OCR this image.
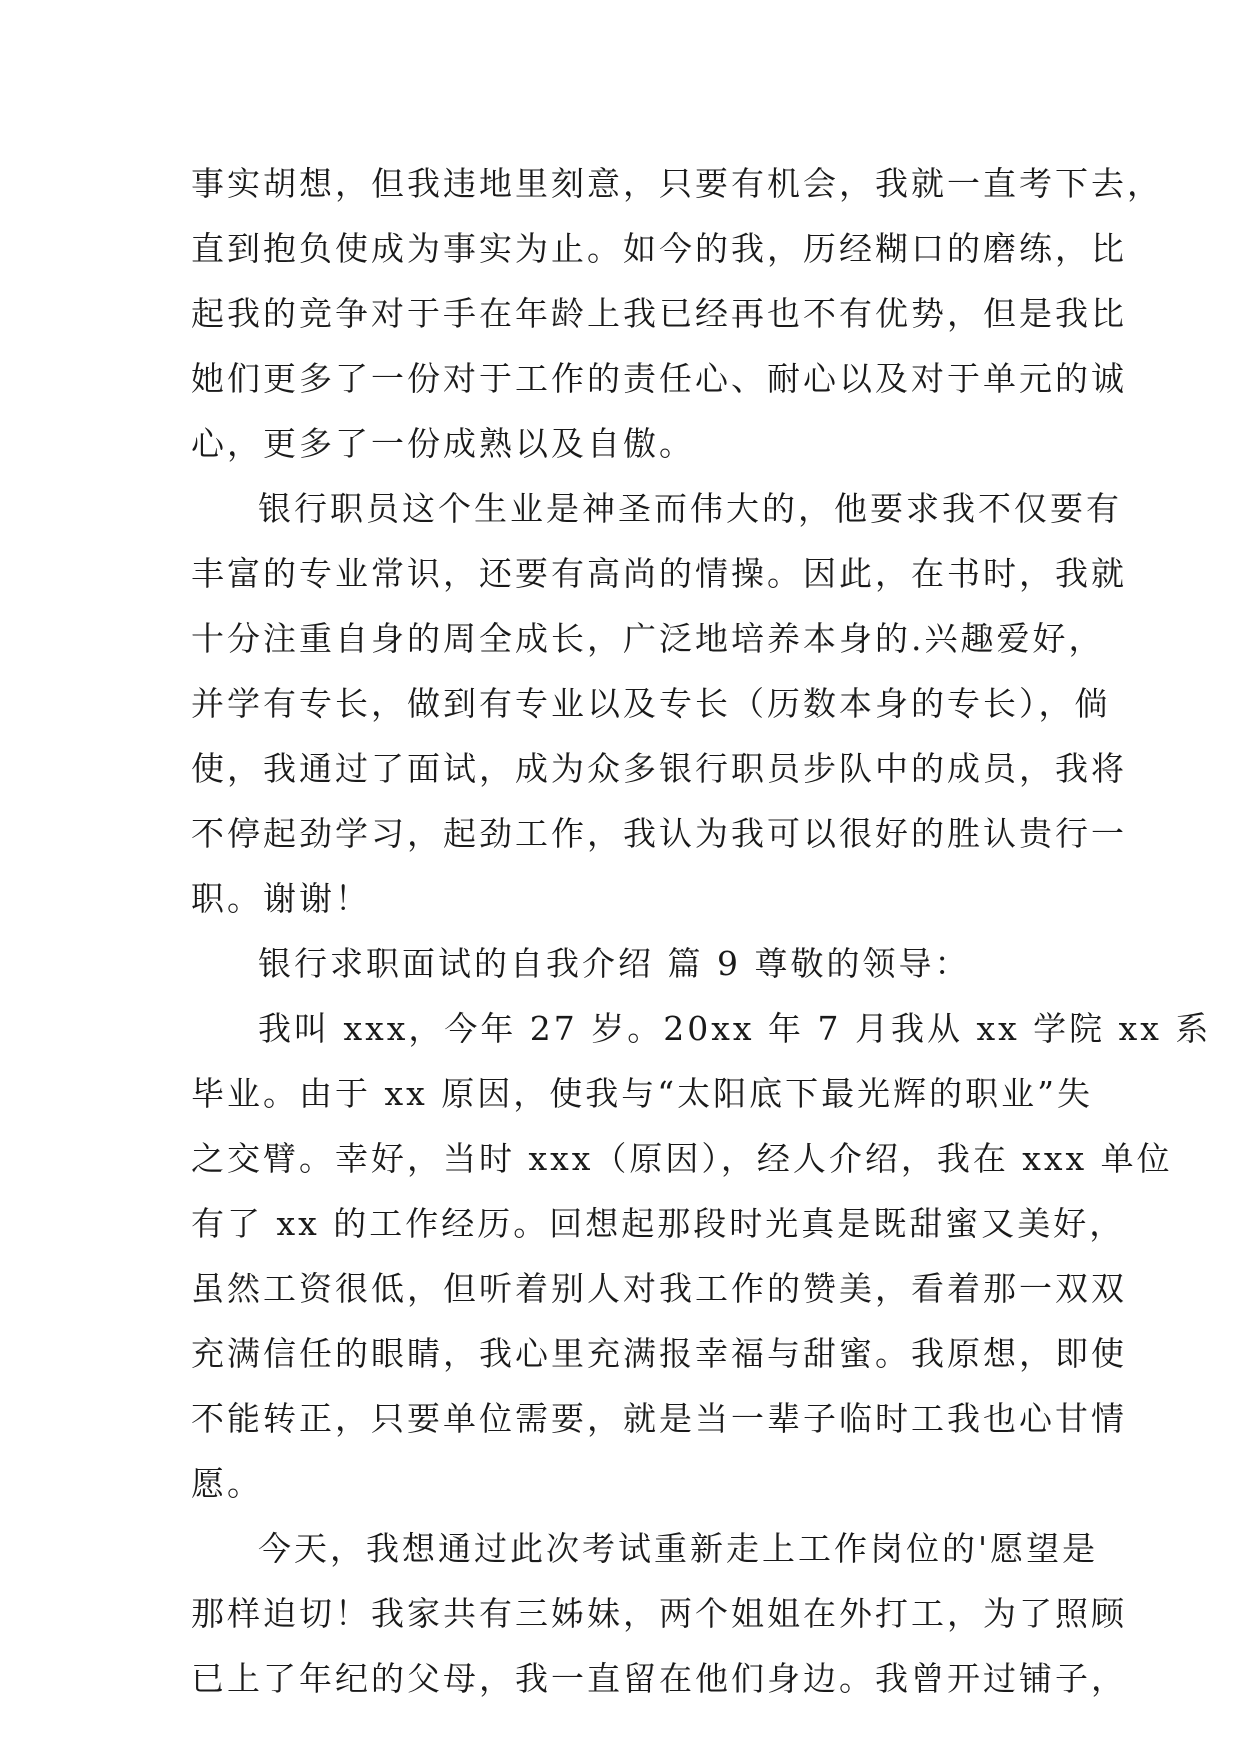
事实胡想，但我违地里刻意，只要有机会，我就一直考下去，
直到抱负使成为事实为止。如今的我，历经糊口的磨练，比
起我的竞争对于手在年龄上我已经再也不有优势，但是我比
她们更多了一份对于工作的责任心、耐心以及对于单元的诚
心，更多了一份成熟以及自傲。
银行职员这个生业是神圣而伟大的，他要求我不仅要有
丰富的专业常识，还要有高尚的情操。因此，在书时，我就
十分注重自身的周全成长，广泛地培养本身的.兴趣爱好，
并学有专长，做到有专业以及专长（历数本身的专长），倘
使，我通过了面试，成为众多银行职员步队中的成员，我将
不停起劲学习，起劲工作，我认为我可以很好的胜认贵行一
职。谢谢！
银行求职面试的自我介绍 篇 9 尊敬的领导：
我叫 xxx，今年 27 岁。20xx 年 7 月我从 xx 学院 xx 系
毕业。由于 xx 原因，使我与“太阳底下最光辉的职业”失
之交臂。幸好，当时 xxx（原因），经人介绍，我在 xxx 单位
有了 xx 的工作经历。回想起那段时光真是既甜蜜又美好，
虽然工资很低，但听着别人对我工作的赞美，看着那一双双
充满信任的眼睛，我心里充满报幸福与甜蜜。我原想，即使
不能转正，只要单位需要，就是当一辈子临时工我也心甘情
愿。
今天，我想通过此次考试重新走上工作岗位的'愿望是
那样迫切！我家共有三姊妹，两个姐姐在外打工，为了照顾
已上了年纪的父母，我一直留在他们身边。我曾开过铺子，
